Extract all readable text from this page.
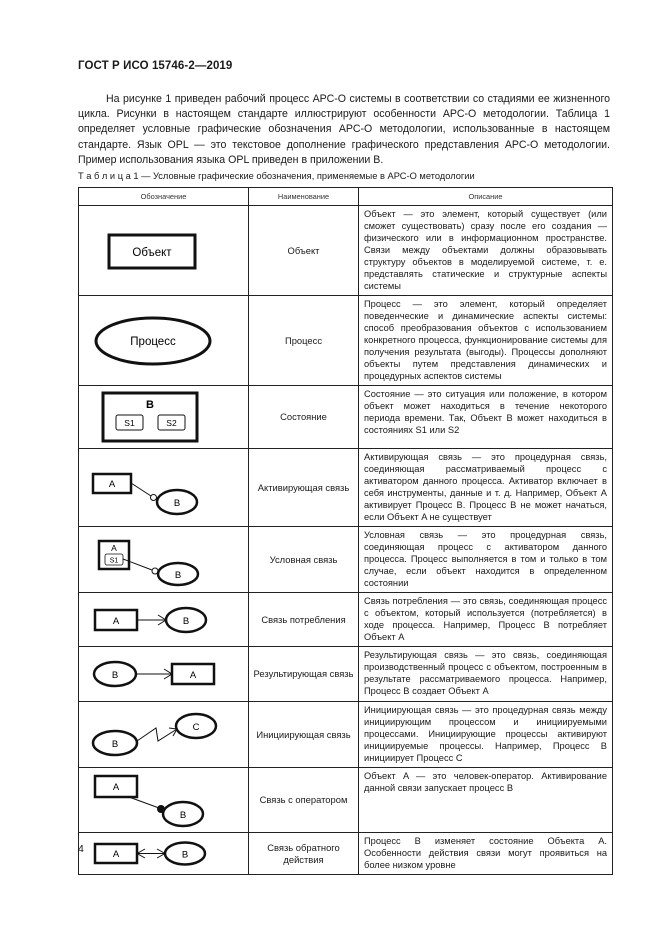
ГОСТ Р ИСО 15746-2—2019

На рисунке 1 приведен рабочий процесс АРС-О системы в соответствии со стадиями ее жизненного цикла. Рисунки в настоящем стандарте иллюстрируют особенности АРС-О методологии. Таблица 1 определяет условные графические обозначения АРС-О методологии, использованные в настоящем стандарте. Язык OPL — это текстовое дополнение графического представления АРС-О методологии. Пример использования языка OPL приведен в приложении В.

Т а б л и ц а 1 — Условные графические обозначения, применяемые в АРС-О методологии
Обозначение	Наименование	Описание

Объект	Объект	Объект — это элемент, который существует (или сможет существовать) сразу после его создания — физического или в информационном пространстве. Связи между объектами должны образовывать структуру объектов в моделируемой системе, т. е. представлять статические и структурные аспекты системы

Процесс	Процесс	Процесс — это элемент, который определяет поведенческие и динамические аспекты системы: способ преобразования объектов с использованием конкретного процесса, функционирование системы для получения результата (выгоды). Процессы дополняют объекты путем представления динамических и процедурных аспектов системы

B
S1 S2	Состояние	Состояние — это ситуация или положение, в котором объект может находиться в течение некоторого периода времени. Так, Объект B может находиться в состояниях S1 или S2

A
B	Активирующая связь	Активирующая связь — это процедурная связь, соединяющая рассматриваемый процесс с активатором данного процесса. Активатор включает в себя инструменты, данные и т. д. Например, Объект A активирует Процесс B. Процесс B не может начаться, если Объект A не существует

A
S1
B	Условная связь	Условная связь — это процедурная связь, соединяющая процесс с активатором данного процесса. Процесс выполняется в том и только в том случае, если объект находится в определенном состоянии

A B	Связь потребления	Связь потребления — это связь, соединяющая процесс с объектом, который используется (потребляется) в ходе процесса. Например, Процесс B потребляет Объект A

B A	Результирующая связь	Результирующая связь — это связь, соединяющая производственный процесс с объектом, построенным в результате рассматриваемого процесса. Например, Процесс B создает Объект A

B
C	Инициирующая связь	Инициирующая связь — это процедурная связь между инициирующим процессом и инициируемыми процессами. Инициирующие процессы активируют инициируемые процессы. Например, Процесс B инициирует Процесс C

A
B	Связь с оператором	Объект A — это человек-оператор. Активирование данной связи запускает процесс B

A B	Связь обратного действия	Процесс B изменяет состояние Объекта A. Особенности действия связи могут проявиться на более низком уровне
4
